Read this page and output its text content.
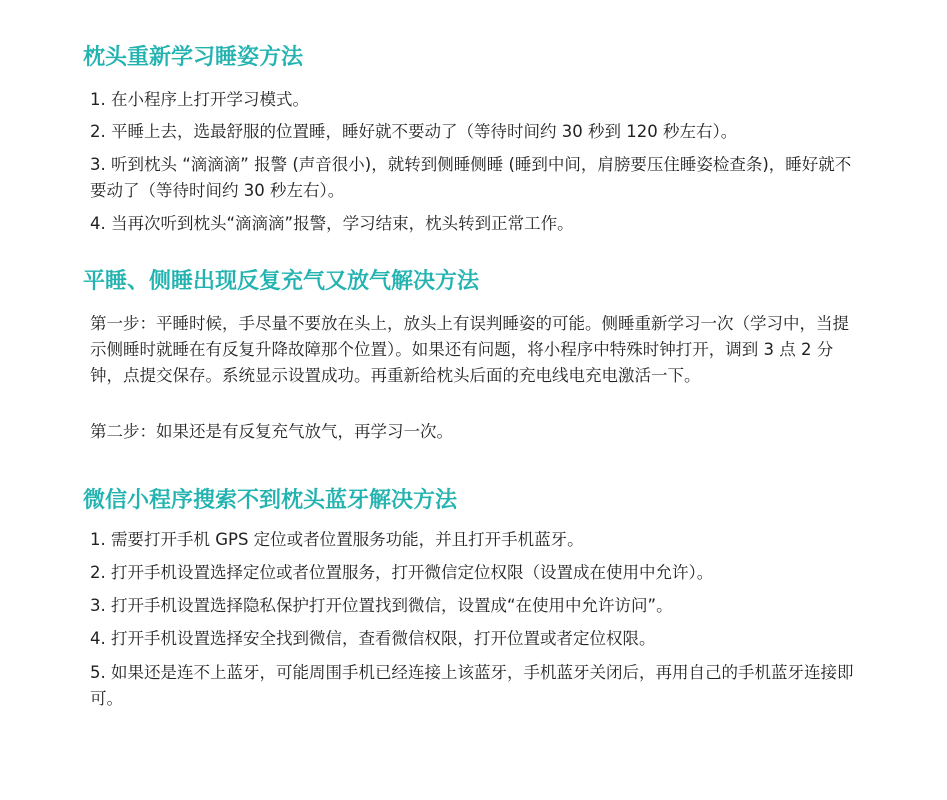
枕头重新学习睡姿方法

1. 在小程序上打开学习模式。

2. 平睡上去，选最舒服的位置睡，睡好就不要动了（等待时间约 30 秒到 120 秒左右）。

3. 听到枕头 “滴滴滴” 报警 (声音很小)，就转到侧睡侧睡 (睡到中间，肩膀要压住睡姿检查条)，睡好就不要动了（等待时间约 30 秒左右）。

4. 当再次听到枕头“滴滴滴”报警，学习结束，枕头转到正常工作。

平睡、侧睡出现反复充气又放气解决方法

第一步：平睡时候，手尽量不要放在头上，放头上有误判睡姿的可能。侧睡重新学习一次（学习中，当提示侧睡时就睡在有反复升降故障那个位置）。如果还有问题，将小程序中特殊时钟打开，调到 3 点 2 分钟，点提交保存。系统显示设置成功。再重新给枕头后面的充电线电充电激活一下。

第二步：如果还是有反复充气放气，再学习一次。

微信小程序搜索不到枕头蓝牙解决方法

1. 需要打开手机 GPS 定位或者位置服务功能，并且打开手机蓝牙。

2. 打开手机设置选择定位或者位置服务，打开微信定位权限（设置成在使用中允许）。

3. 打开手机设置选择隐私保护打开位置找到微信，设置成“在使用中允许访问”。

4. 打开手机设置选择安全找到微信，查看微信权限，打开位置或者定位权限。

5. 如果还是连不上蓝牙，可能周围手机已经连接上该蓝牙，手机蓝牙关闭后，再用自己的手机蓝牙连接即可。
